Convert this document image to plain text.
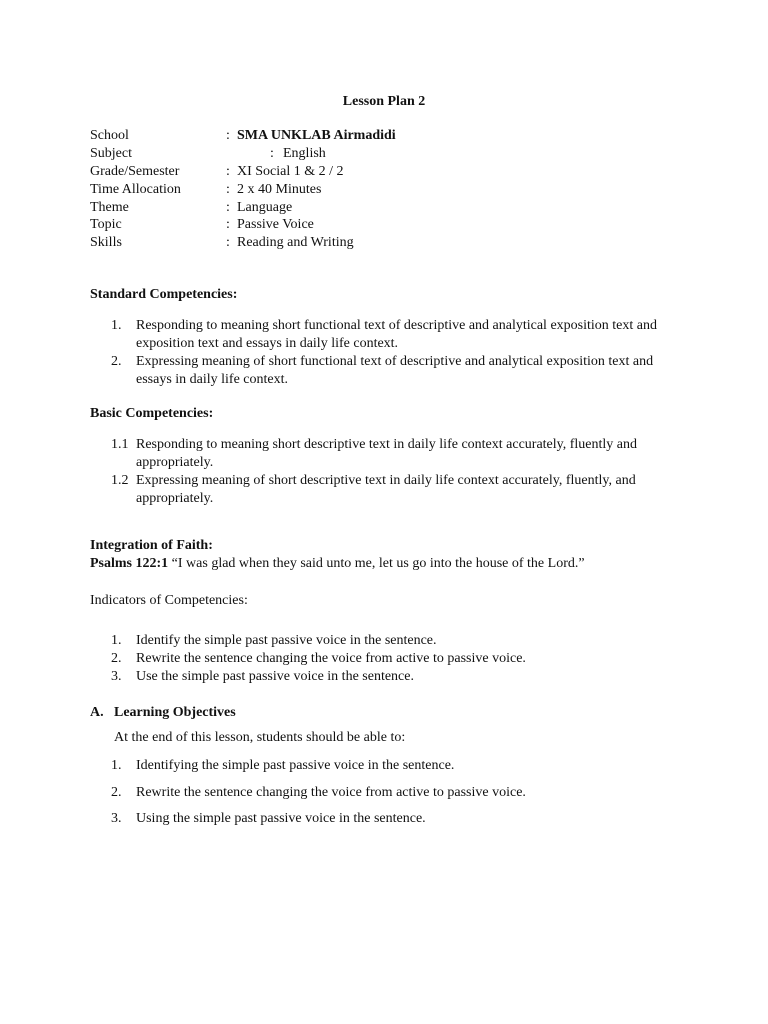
Lesson Plan 2
School	: SMA UNKLAB Airmadidi
Subject	: English
Grade/Semester	: XI Social 1 & 2 / 2
Time Allocation	: 2 x 40 Minutes
Theme	: Language
Topic	: Passive Voice
Skills	: Reading and Writing
Standard Competencies:
1. Responding to meaning short functional text of descriptive and analytical exposition text and exposition text and essays in daily life context.
2. Expressing meaning of short functional text of descriptive and analytical exposition text and essays in daily life context.
Basic Competencies:
1.1 Responding to meaning short descriptive text in daily life context accurately, fluently and appropriately.
1.2 Expressing meaning of short descriptive text in daily life context accurately, fluently, and appropriately.
Integration of Faith:
Psalms 122:1 “I was glad when they said unto me, let us go into the house of the Lord.”
Indicators of Competencies:
1. Identify the simple past passive voice in the sentence.
2. Rewrite the sentence changing the voice from active to passive voice.
3. Use the simple past passive voice in the sentence.
A. Learning Objectives
At the end of this lesson, students should be able to:
1. Identifying the simple past passive voice in the sentence.
2. Rewrite the sentence changing the voice from active to passive voice.
3. Using the simple past passive voice in the sentence.
